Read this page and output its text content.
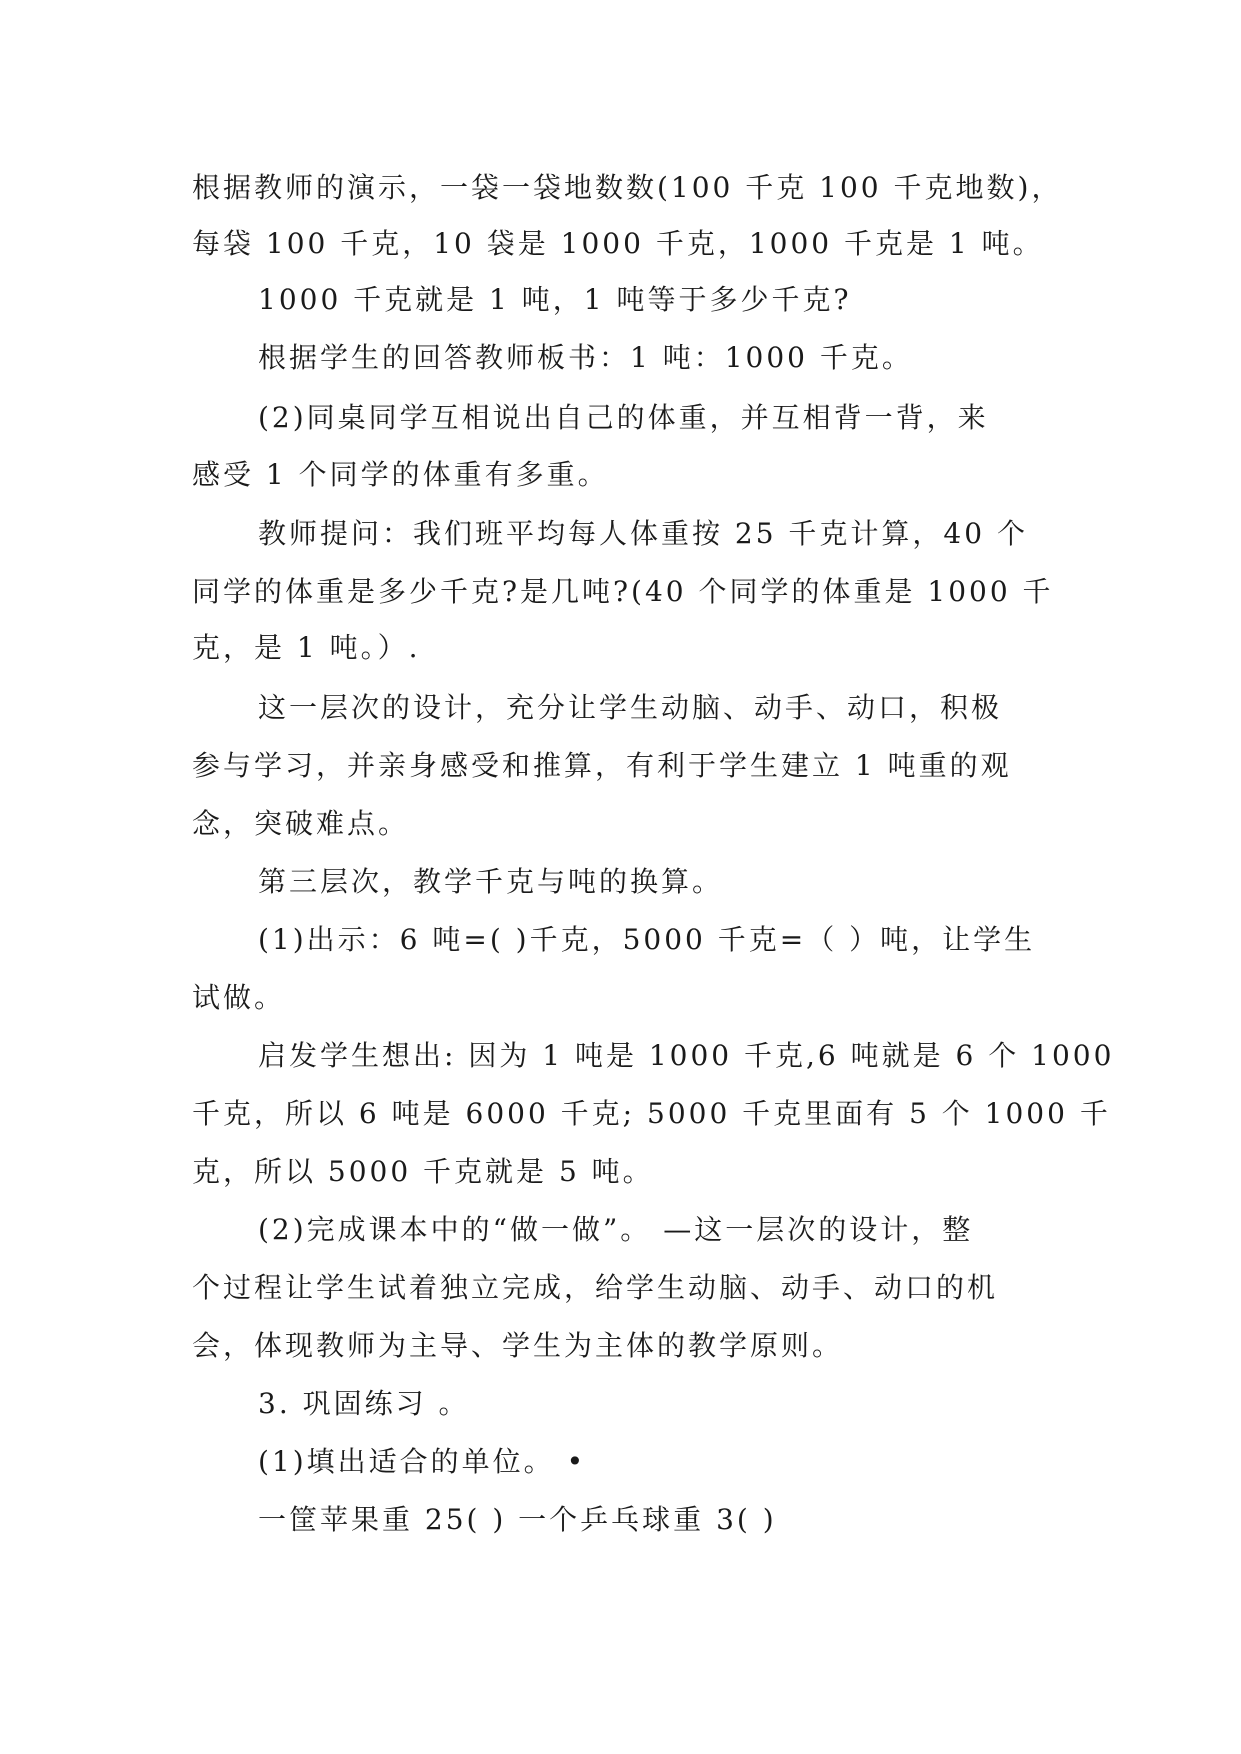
根据教师的演示，一袋一袋地数数(100 千克 100 千克地数)，
每袋 100 千克，10 袋是 1000 千克，1000 千克是 1 吨。
1000 千克就是 1 吨，1 吨等于多少千克?
根据学生的回答教师板书：1 吨：1000 千克。
(2)同桌同学互相说出自己的体重，并互相背一背，来
感受 1 个同学的体重有多重。
教师提问：我们班平均每人体重按 25 千克计算，40 个
同学的体重是多少千克?是几吨?(40 个同学的体重是 1000 千
克，是 1 吨。）.
这一层次的设计，充分让学生动脑、动手、动口，积极
参与学习，并亲身感受和推算，有利于学生建立 1 吨重的观
念，突破难点。
第三层次，教学千克与吨的换算。
(1)出示：6 吨=( )千克，5000 千克=（ ）吨，让学生
试做。
启发学生想出: 因为 1 吨是 1000 千克,6 吨就是 6 个 1000
千克，所以 6 吨是 6000 千克; 5000 千克里面有 5 个 1000 千
克，所以 5000 千克就是 5 吨。
(2)完成课本中的“做一做”。 —这一层次的设计，整
个过程让学生试着独立完成，给学生动脑、动手、动口的机
会，体现教师为主导、学生为主体的教学原则。
3. 巩固练习 。
(1)填出适合的单位。 •
一筐苹果重 25( ) 一个乒乓球重 3( )
